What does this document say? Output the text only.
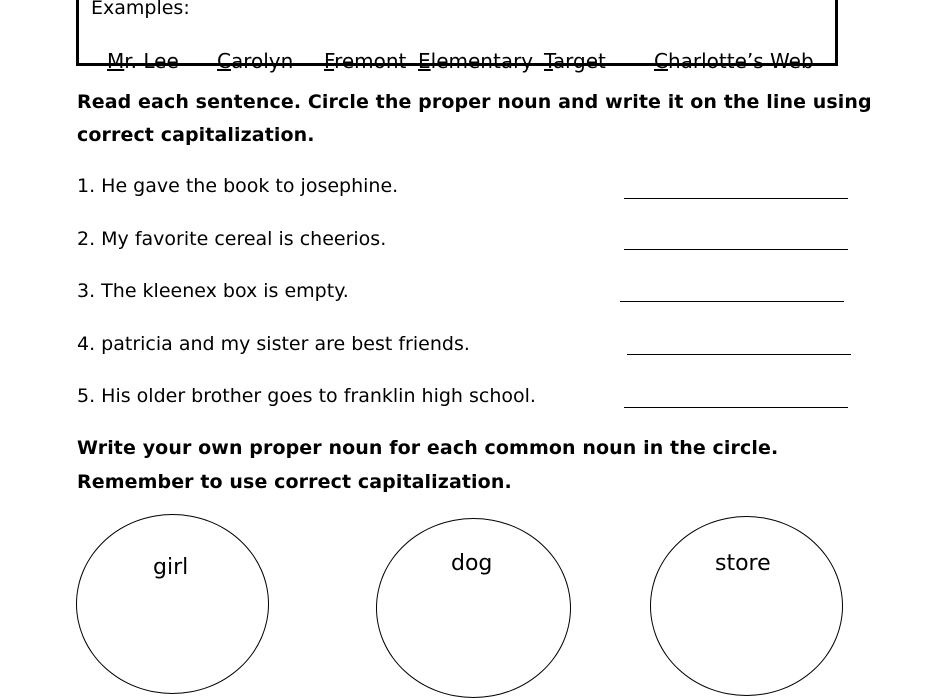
Examples:
Mr. Lee Carolyn Fremont Elementary Target Charlotte’s Web
Read each sentence. Circle the proper noun and write it on the line using
correct capitalization.
1. He gave the book to josephine.
2. My favorite cereal is cheerios.
3. The kleenex box is empty.
4. patricia and my sister are best friends.
5. His older brother goes to franklin high school.
Write your own proper noun for each common noun in the circle.
Remember to use correct capitalization.
girl	dog	store
